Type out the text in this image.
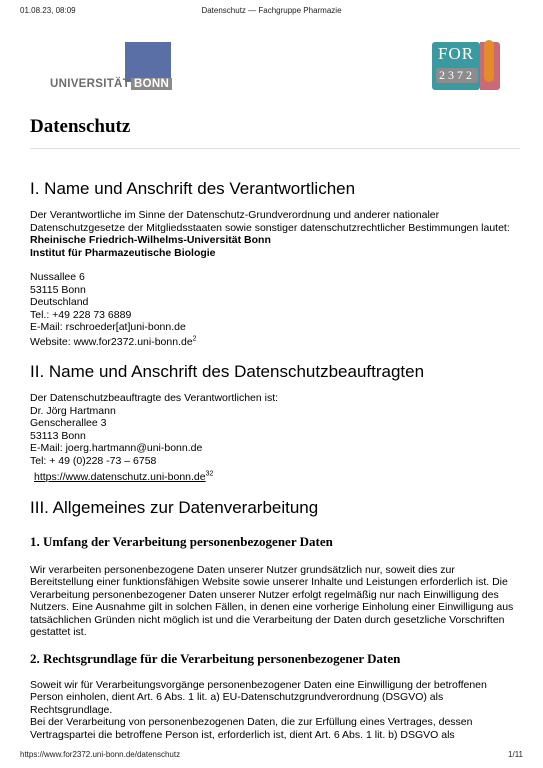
01.08.23, 08:09	Datenschutz — Fachgruppe Pharmazie
UNIVERSITÄT BONN
FOR
2372
Datenschutz
I. Name und Anschrift des Verantwortlichen

Der Verantwortliche im Sinne der Datenschutz-Grundverordnung und anderer nationaler Datenschutzgesetze der Mitgliedsstaaten sowie sonstiger datenschutzrechtlicher Bestimmungen lautet:

Rheinische Friedrich-Wilhelms-Universität Bonn

Institut für Pharmazeutische Biologie

Nussallee 6
53115 Bonn
Deutschland
Tel.: +49 228 73 6889
E-Mail: rschroeder[at]uni-bonn.de
Website: $www.for2372.uni-bonn.de^2$
II. Name und Anschrift des Datenschutzbeauftragten
Der Datenschutzbeauftragte des Verantwortlichen ist:
Dr. Jörg Hartmann
Genscherallee 3
53113 Bonn
E-Mail: joerg.hartmann@uni-bonn.de
Tel: + 49 (0)228 -73 – 6758
$https://www.datenschutz.uni-bonn.de^{32}$
III. Allgemeines zur Datenverarbeitung
1. Umfang der Verarbeitung personenbezogener Daten

Wir verarbeiten personenbezogene Daten unserer Nutzer grundsätzlich nur, soweit dies zur Bereitstellung einer funktionsfähigen Website sowie unserer Inhalte und Leistungen erforderlich ist. Die Verarbeitung personenbezogener Daten unserer Nutzer erfolgt regelmäßig nur nach Einwilligung des Nutzers. Eine Ausnahme gilt in solchen Fällen, in denen eine vorherige Einholung einer Einwilligung aus tatsächlichen Gründen nicht möglich ist und die Verarbeitung der Daten durch gesetzliche Vorschriften gestattet ist.

2. Rechtsgrundlage für die Verarbeitung personenbezogener Daten

Soweit wir für Verarbeitungsvorgänge personenbezogener Daten eine Einwilligung der betroffenen Person einholen, dient Art. 6 Abs. 1 lit. a) EU-Datenschutzgrundverordnung (DSGVO) als Rechtsgrundlage.

Bei der Verarbeitung von personenbezogenen Daten, die zur Erfüllung eines Vertrages, dessen Vertragspartei die betroffene Person ist, erforderlich ist, dient Art. 6 Abs. 1 lit. b) DSGVO als

https://www.for2372.uni-bonn.de/datenschutz	1/11
